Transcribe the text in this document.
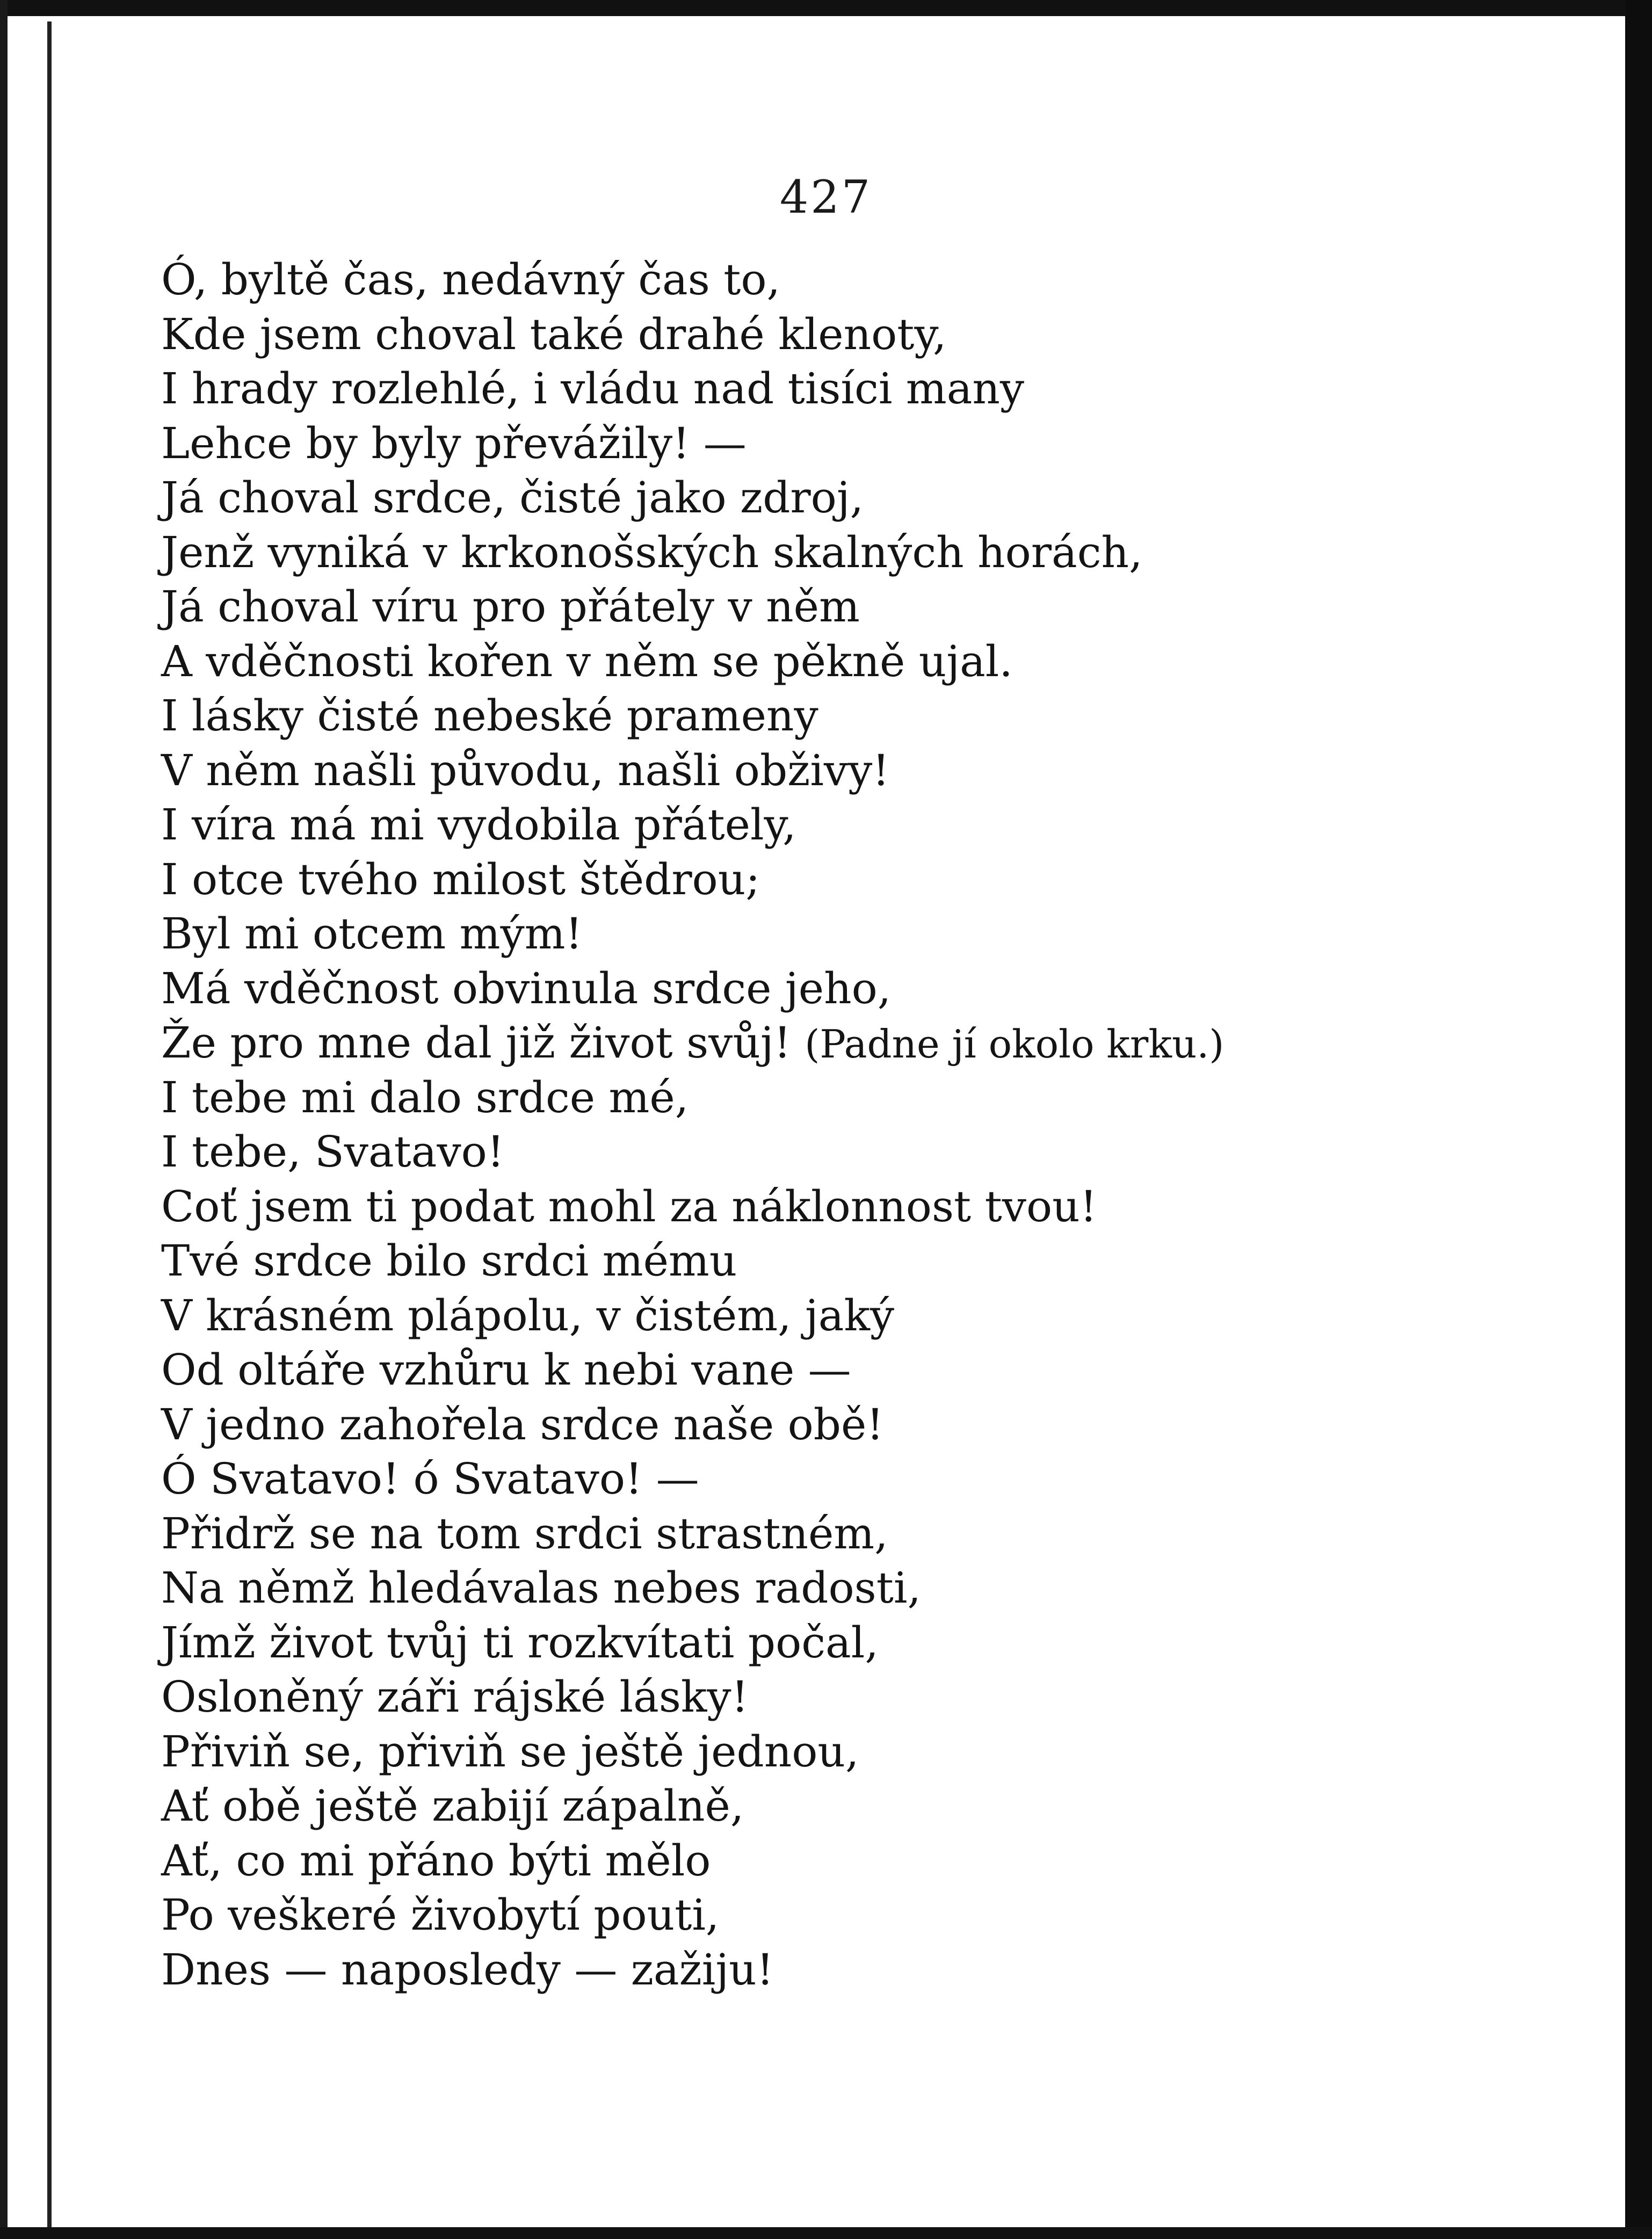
427
Ó, byltě čas, nedávný čas to,
Kde jsem choval také drahé klenoty,
I hrady rozlehlé, i vládu nad tisíci many
Lehce by byly převážily! —
Já choval srdce, čisté jako zdroj,
Jenž vyniká v krkonošských skalných horách,
Já choval víru pro přátely v něm
A vděčnosti kořen v něm se pěkně ujal.
I lásky čisté nebeské prameny
V něm našli původu, našli obživy!
I víra má mi vydobila přátely,
I otce tvého milost štědrou;
Byl mi otcem mým!
Má vděčnost obvinula srdce jeho,
Že pro mne dal již život svůj! (Padne jí okolo krku.)
I tebe mi dalo srdce mé,
I tebe, Svatavo!
Coť jsem ti podat mohl za náklonnost tvou!
Tvé srdce bilo srdci mému
V krásném plápolu, v čistém, jaký
Od oltáře vzhůru k nebi vane —
V jedno zahořela srdce naše obě!
Ó Svatavo! ó Svatavo! —
Přidrž se na tom srdci strastném,
Na němž hledávalas nebes radosti,
Jímž život tvůj ti rozkvítati počal,
Osloněný záři rájské lásky!
Přiviň se, přiviň se ještě jednou,
Ať obě ještě zabijí zápalně,
Ať, co mi přáno býti mělo
Po veškeré živobytí pouti,
Dnes — naposledy — zažiju!
